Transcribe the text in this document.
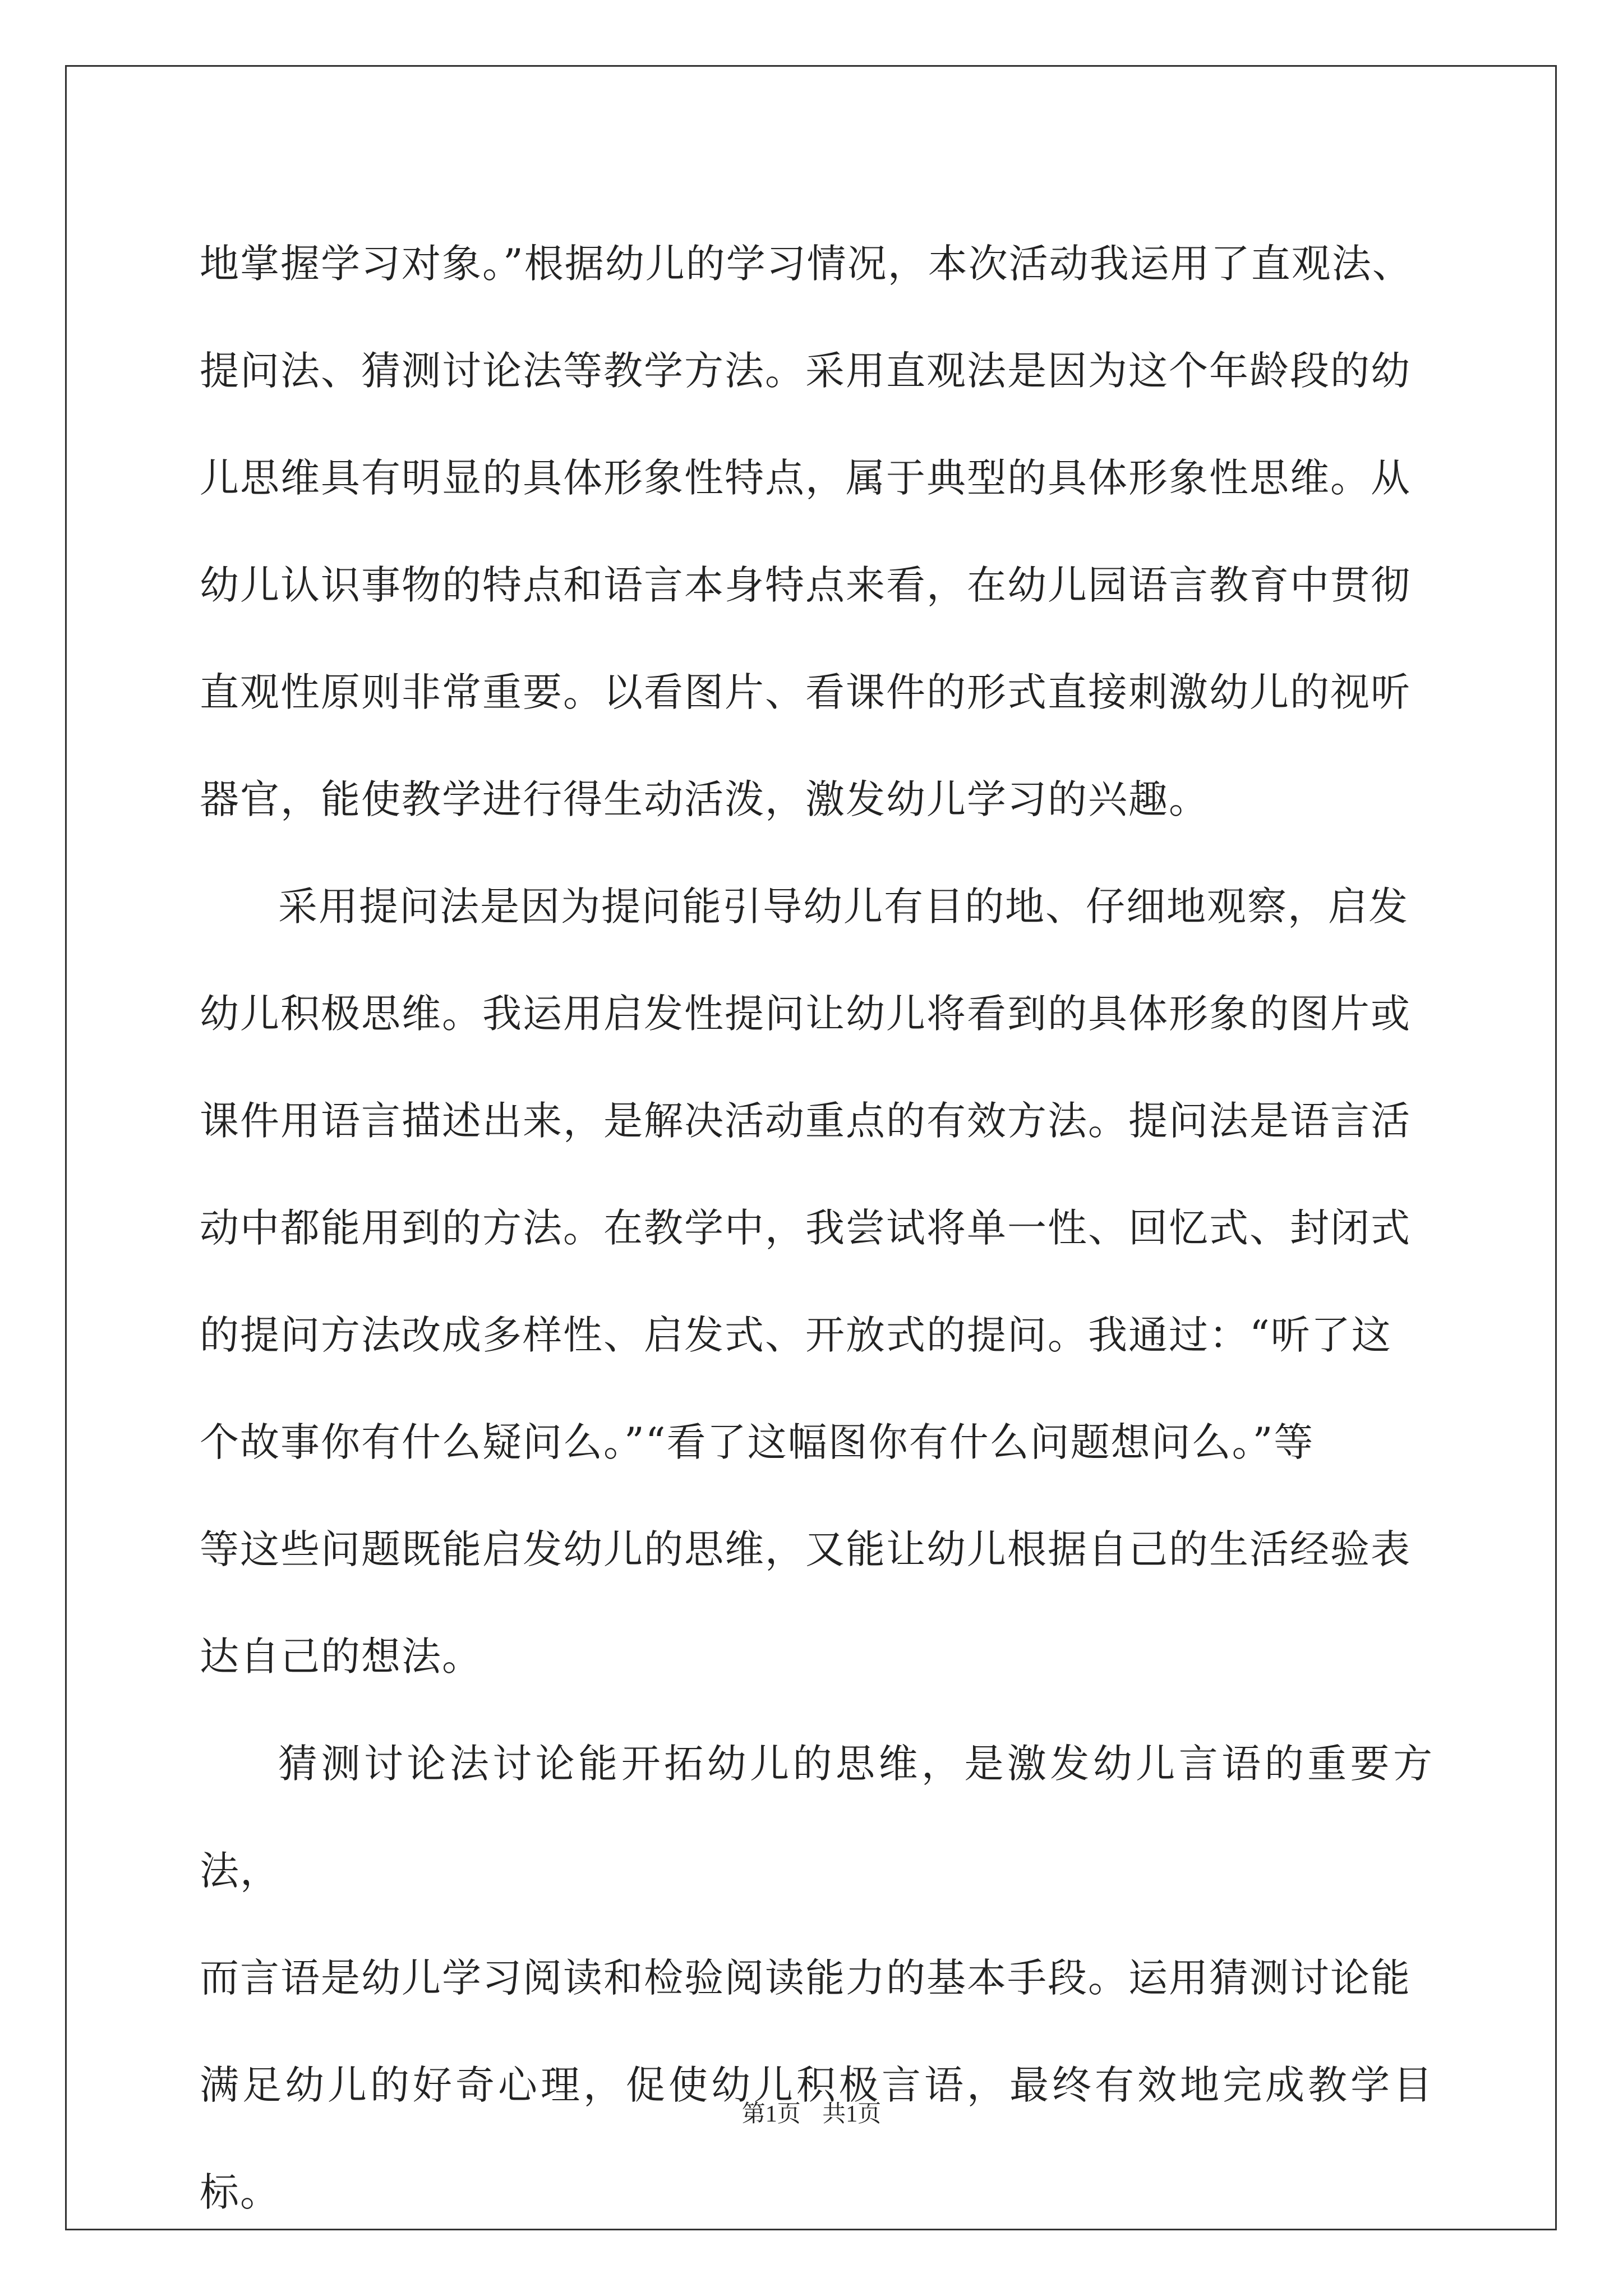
地掌握学习对象。”根据幼儿的学习情况，本次活动我运用了直观法、
提问法、猜测讨论法等教学方法。采用直观法是因为这个年龄段的幼
儿思维具有明显的具体形象性特点，属于典型的具体形象性思维。从
幼儿认识事物的特点和语言本身特点来看，在幼儿园语言教育中贯彻
直观性原则非常重要。以看图片、看课件的形式直接刺激幼儿的视听
器官，能使教学进行得生动活泼，激发幼儿学习的兴趣。

采用提问法是因为提问能引导幼儿有目的地、仔细地观察，启发
幼儿积极思维。我运用启发性提问让幼儿将看到的具体形象的图片或
课件用语言描述出来，是解决活动重点的有效方法。提问法是语言活
动中都能用到的方法。在教学中，我尝试将单一性、回忆式、封闭式
的提问方法改成多样性、启发式、开放式的提问。我通过：“听了这
个故事你有什么疑问么。”“看了这幅图你有什么问题想问么。”等
等这些问题既能启发幼儿的思维，又能让幼儿根据自己的生活经验表
达自己的想法。

猜测讨论法讨论能开拓幼儿的思维，是激发幼儿言语的重要方法，
而言语是幼儿学习阅读和检验阅读能力的基本手段。运用猜测讨论能
满足幼儿的好奇心理，促使幼儿积极言语，最终有效地完成教学目标。

第1页 共1页
